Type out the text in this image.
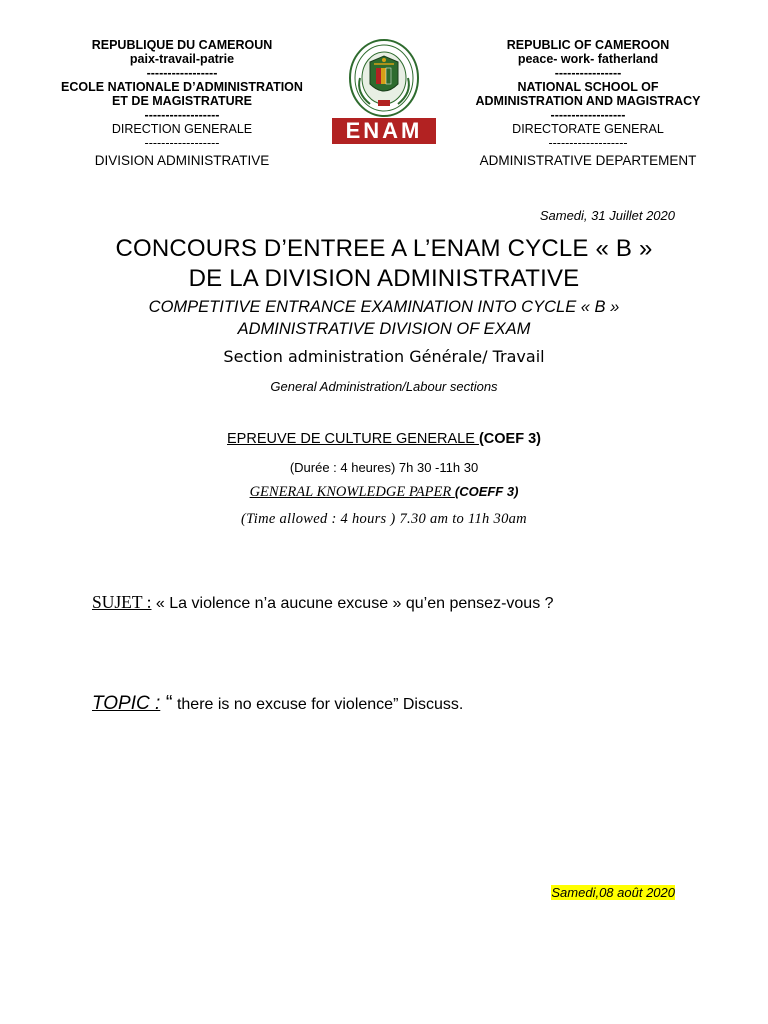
REPUBLIQUE DU CAMEROUN
paix-travail-patrie
-----------------
ECOLE NATIONALE D’ADMINISTRATION
ET DE MAGISTRATURE
------------------
DIRECTION GENERALE
------------------
DIVISION ADMINISTRATIVE
ENAM
REPUBLIC OF CAMEROON
peace- work- fatherland
----------------
NATIONAL SCHOOL OF
ADMINISTRATION AND MAGISTRACY
------------------
DIRECTORATE GENERAL
-------------------
ADMINISTRATIVE DEPARTEMENT
Samedi, 31 Juillet 2020
CONCOURS D’ENTREE A L’ENAM CYCLE « B »
DE LA DIVISION ADMINISTRATIVE
COMPETITIVE ENTRANCE EXAMINATION INTO CYCLE « B »
ADMINISTRATIVE DIVISION OF EXAM
Section administration Générale/ Travail
General Administration/Labour sections
EPREUVE DE CULTURE GENERALE (COEF 3)
(Durée : 4 heures) 7h 30 -11h 30
GENERAL KNOWLEDGE PAPER (COEFF 3)
(Time allowed : 4 hours ) 7.30 am to 11h 30am
SUJET : « La violence n’a aucune excuse » qu’en pensez-vous ?
TOPIC : “ there is no excuse for violence” Discuss.
Samedi,08 août 2020
